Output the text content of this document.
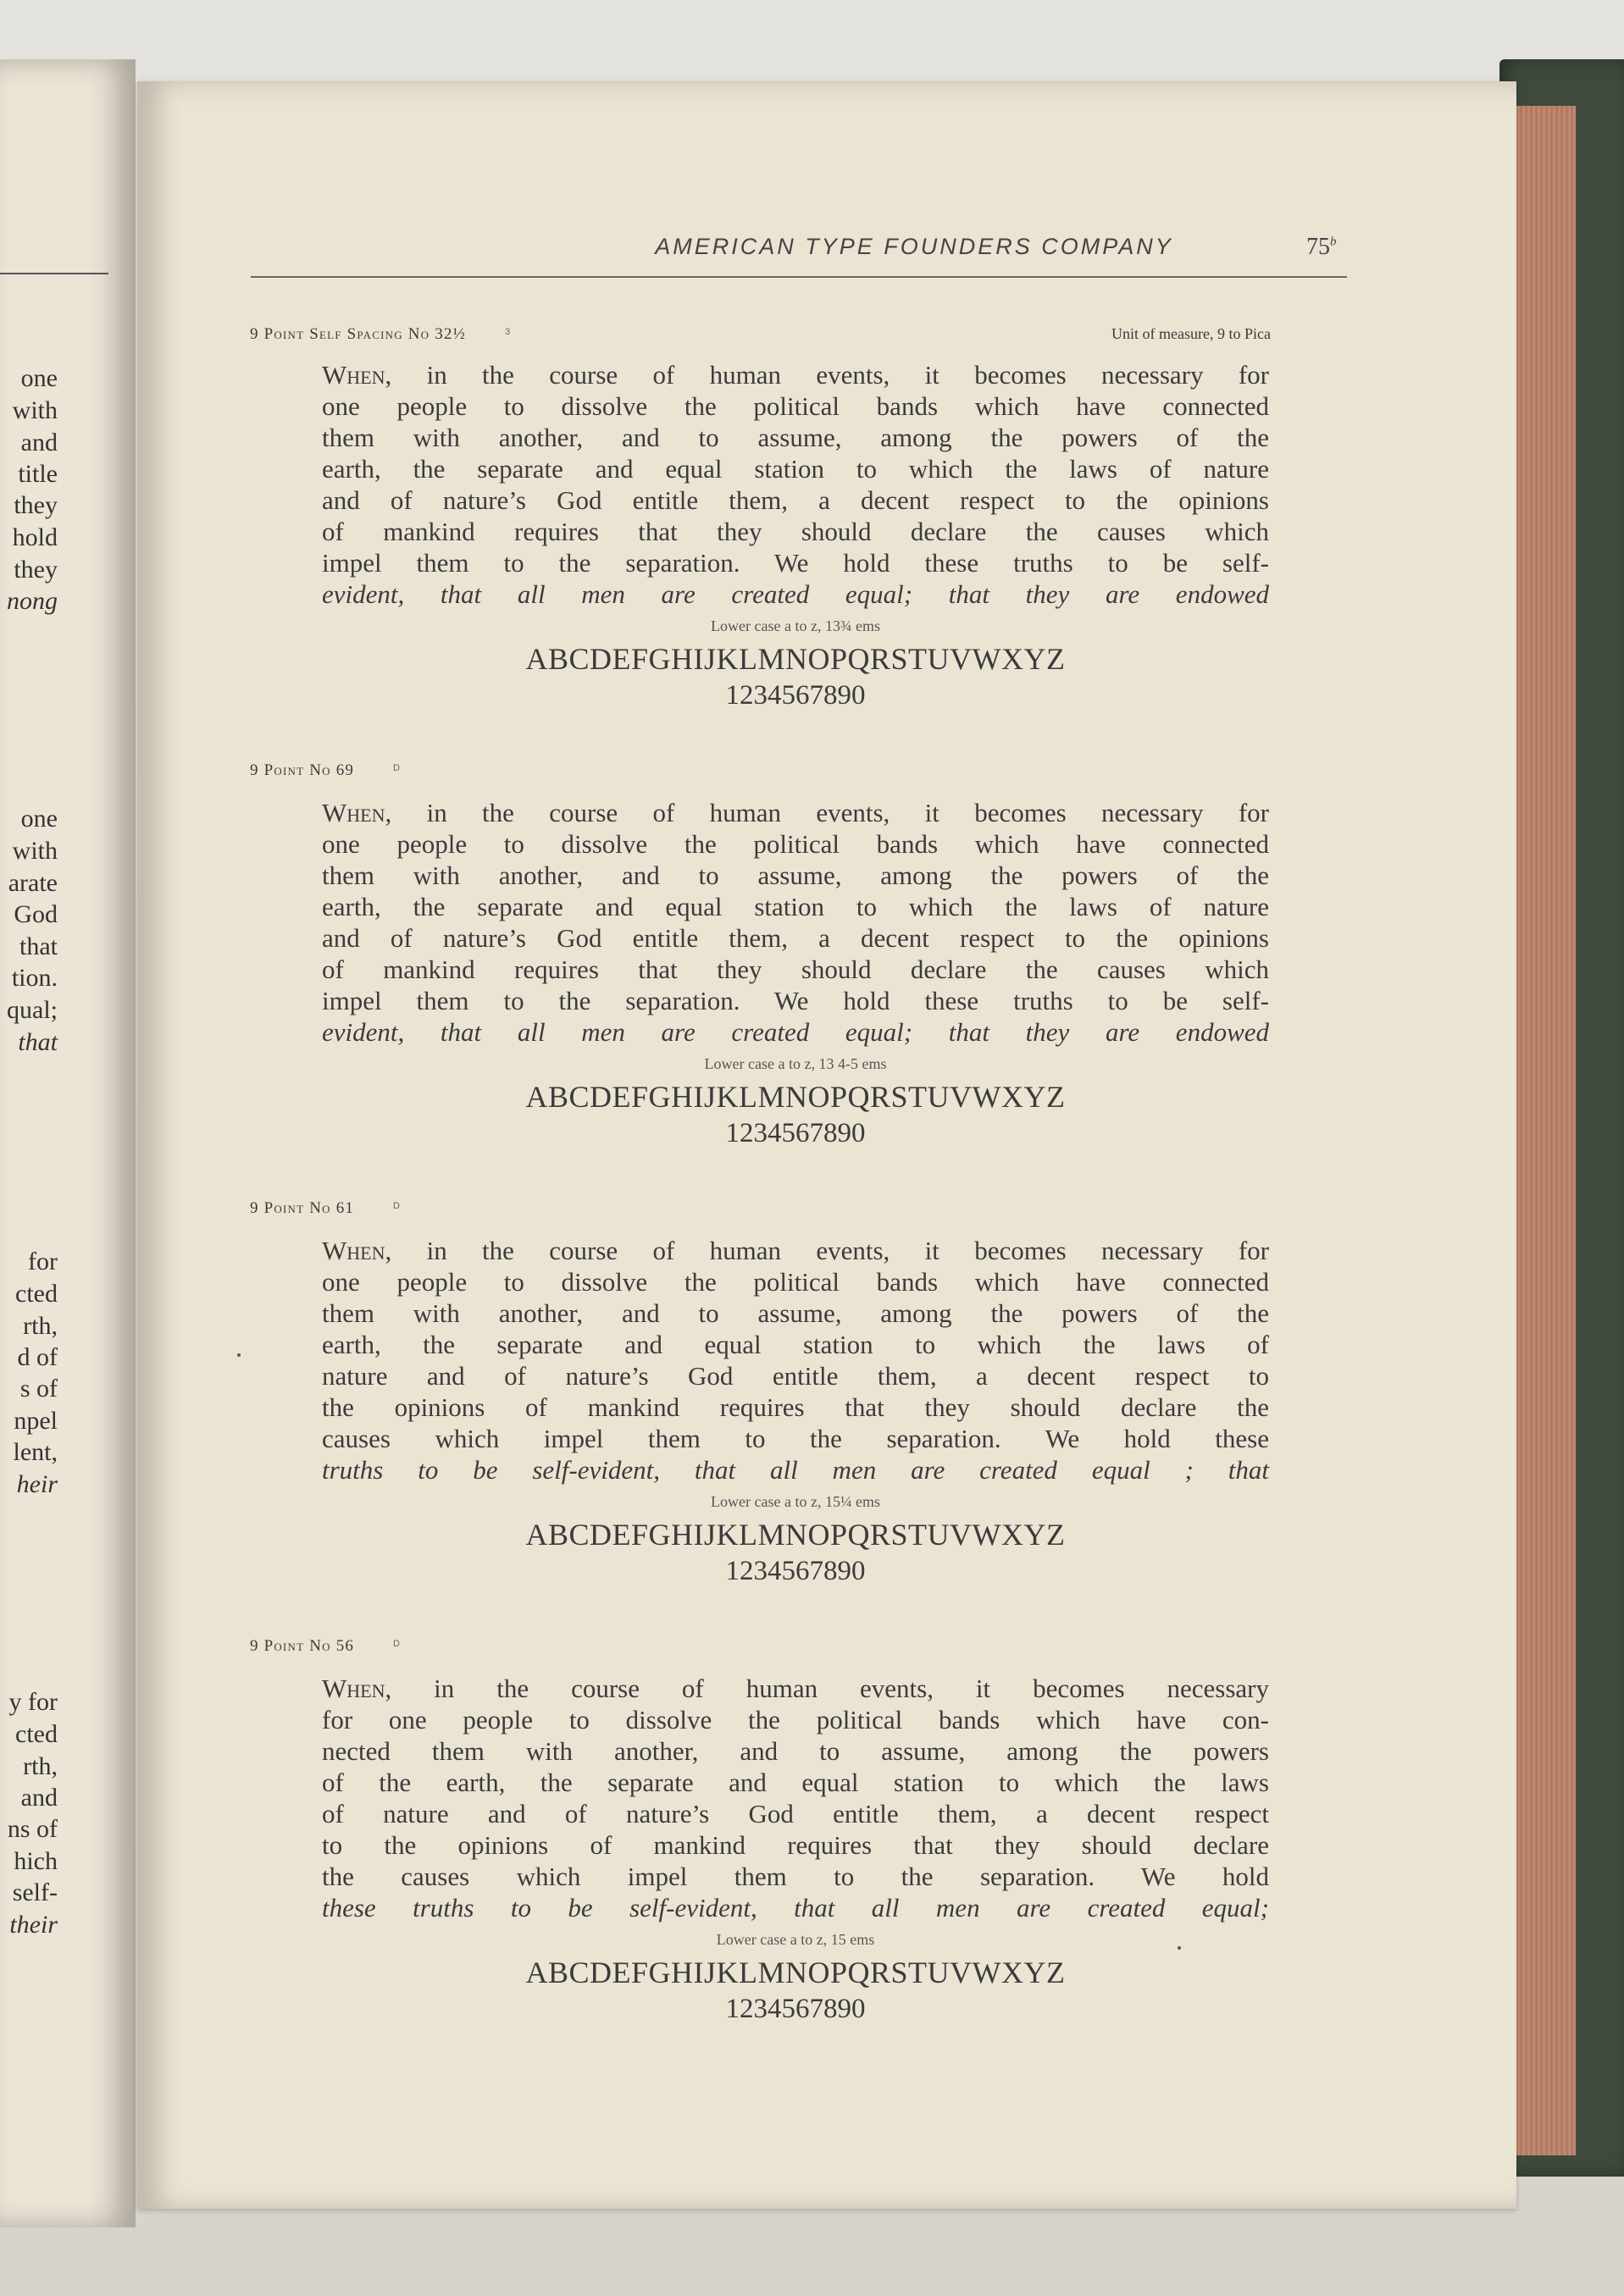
one
with
and
title
they
hold
they
nong
one
with
arate
God
that
tion.
qual;
that
for
cted
rth,
d of
s of
npel
lent,
heir
y for
cted
rth,
and
ns of
hich
self-
their
AMERICAN TYPE FOUNDERS COMPANY	75$^b$
9 Point Self Spacing No 32½	$^3$	Unit of measure, 9 to Pica
When, in the course of human events, it becomes necessary for
one people to dissolve the political bands which have connected
them with another, and to assume, among the powers of the
earth, the separate and equal station to which the laws of nature
and of nature’s God entitle them, a decent respect to the opinions
of mankind requires that they should declare the causes which
impel them to the separation. We hold these truths to be self-
evident, that all men are created equal; that they are endowed
Lower case a to z, 13¾ ems
ABCDEFGHIJKLMNOPQRSTUVWXYZ
1234567890
9 Point No 69	$^D$
When, in the course of human events, it becomes necessary for
one people to dissolve the political bands which have connected
them with another, and to assume, among the powers of the
earth, the separate and equal station to which the laws of nature
and of nature’s God entitle them, a decent respect to the opinions
of mankind requires that they should declare the causes which
impel them to the separation. We hold these truths to be self-
evident, that all men are created equal; that they are endowed
Lower case a to z, 13 4-5 ems
ABCDEFGHIJKLMNOPQRSTUVWXYZ
1234567890
9 Point No 61	$^D$
When, in the course of human events, it becomes necessary for
one people to dissolve the political bands which have connected
them with another, and to assume, among the powers of the
earth, the separate and equal station to which the laws of
nature and of nature’s God entitle them, a decent respect to
the opinions of mankind requires that they should declare the
causes which impel them to the separation. We hold these
truths to be self-evident, that all men are created equal ; that
Lower case a to z, 15¼ ems
ABCDEFGHIJKLMNOPQRSTUVWXYZ
1234567890
9 Point No 56	$^D$
When, in the course of human events, it becomes necessary
for one people to dissolve the political bands which have con-
nected them with another, and to assume, among the powers
of the earth, the separate and equal station to which the laws
of nature and of nature’s God entitle them, a decent respect
to the opinions of mankind requires that they should declare
the causes which impel them to the separation. We hold
these truths to be self-evident, that all men are created equal;
Lower case a to z, 15 ems
ABCDEFGHIJKLMNOPQRSTUVWXYZ
1234567890
